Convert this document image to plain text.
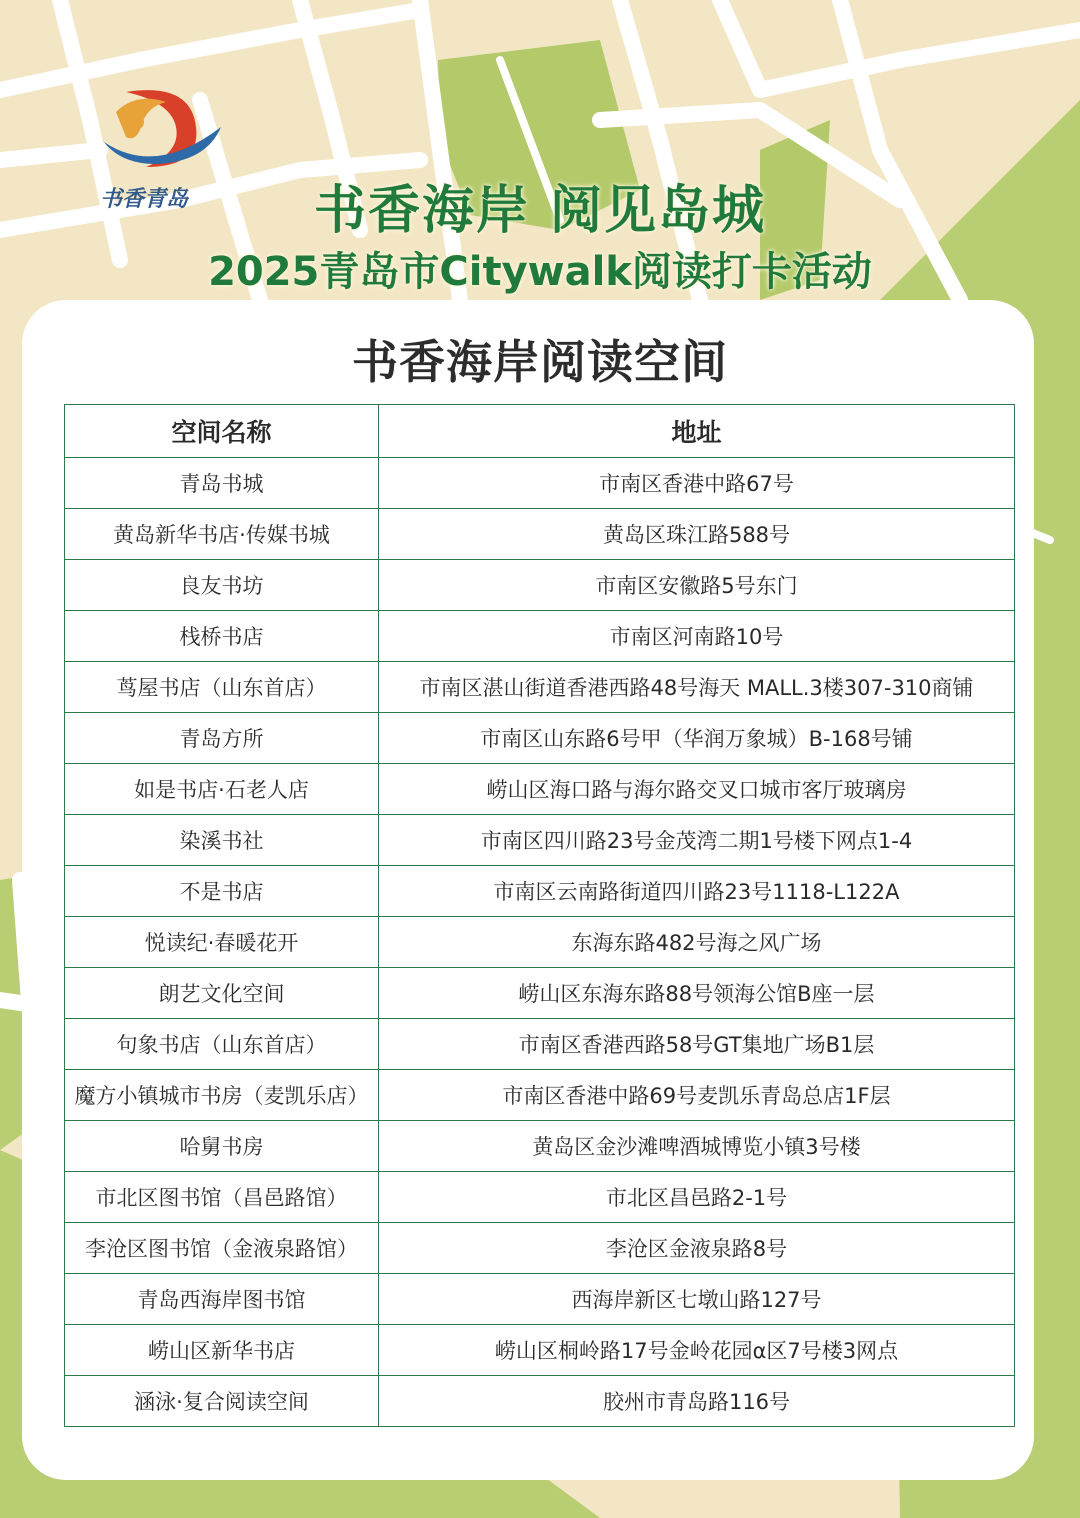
书香青岛	书香海岸 阅见岛城
2025青岛市Citywalk阅读打卡活动
书香海岸阅读空间
空间名称	地址
青岛书城	市南区香港中路67号
黄岛新华书店·传媒书城	黄岛区珠江路588号
良友书坊	市南区安徽路5号东门
栈桥书店	市南区河南路10号
茑屋书店（山东首店）	市南区湛山街道香港西路48号海天 MALL.3楼307-310商铺
青岛方所	市南区山东路6号甲（华润万象城）B-168号铺
如是书店·石老人店	崂山区海口路与海尔路交叉口城市客厅玻璃房
染溪书社	市南区四川路23号金茂湾二期1号楼下网点1-4
不是书店	市南区云南路街道四川路23号1118-L122A
悦读纪·春暖花开	东海东路482号海之风广场
朗艺文化空间	崂山区东海东路88号领海公馆B座一层
句象书店（山东首店）	市南区香港西路58号GT集地广场B1层
魔方小镇城市书房（麦凯乐店）	市南区香港中路69号麦凯乐青岛总店1F层
哈舅书房	黄岛区金沙滩啤酒城博览小镇3号楼
市北区图书馆（昌邑路馆）	市北区昌邑路2-1号
李沧区图书馆（金液泉路馆）	李沧区金液泉路8号
青岛西海岸图书馆	西海岸新区七墩山路127号
崂山区新华书店	崂山区桐岭路17号金岭花园α区7号楼3网点
涵泳·复合阅读空间	胶州市青岛路116号
